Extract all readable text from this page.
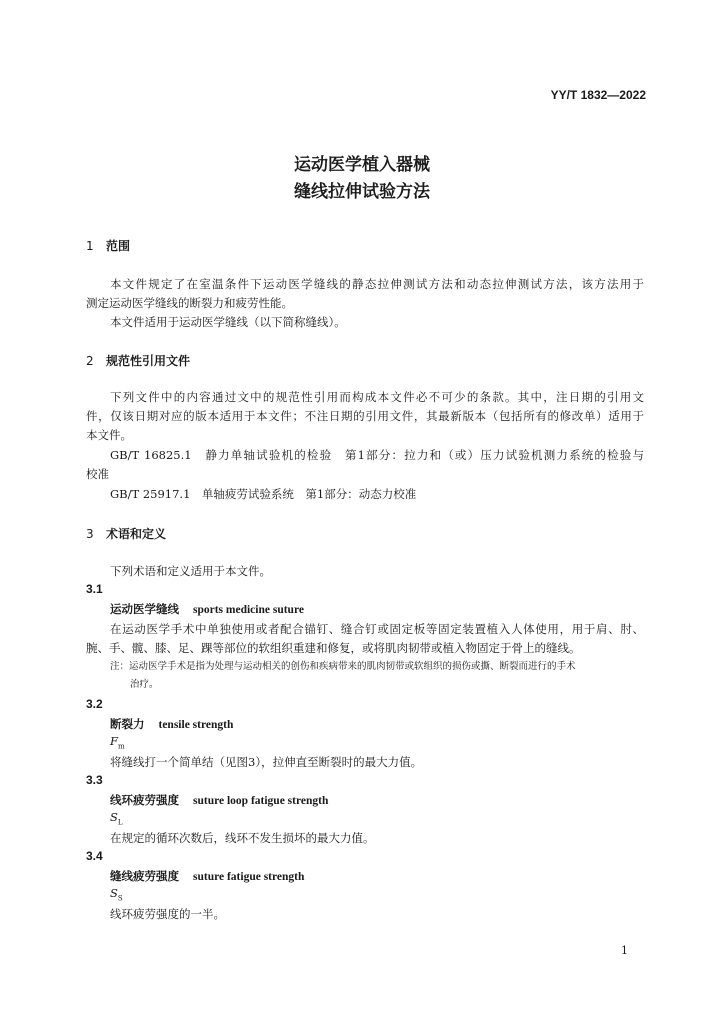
YY/T 1832—2022
运动医学植入器械
缝线拉伸试验方法
1 范围
本文件规定了在室温条件下运动医学缝线的静态拉伸测试方法和动态拉伸测试方法，该方法用于
测定运动医学缝线的断裂力和疲劳性能。
本文件适用于运动医学缝线（以下简称缝线）。
2 规范性引用文件
下列文件中的内容通过文中的规范性引用而构成本文件必不可少的条款。其中，注日期的引用文
件，仅该日期对应的版本适用于本文件；不注日期的引用文件，其最新版本（包括所有的修改单）适用于
本文件。
GB/T 16825.1　静力单轴试验机的检验　第1部分：拉力和（或）压力试验机测力系统的检验与
校准
GB/T 25917.1　单轴疲劳试验系统　第1部分：动态力校准
3 术语和定义
下列术语和定义适用于本文件。
3.1
运动医学缝线 sports medicine suture
在运动医学手术中单独使用或者配合锚钉、缝合钉或固定板等固定装置植入人体使用，用于肩、肘、
腕、手、髋、膝、足、踝等部位的软组织重建和修复，或将肌肉韧带或植入物固定于骨上的缝线。
注：运动医学手术是指为处理与运动相关的创伤和疾病带来的肌肉韧带或软组织的损伤或撕、断裂而进行的手术
治疗。
3.2
断裂力 tensile strength
$F_m$
将缝线打一个简单结（见图3），拉伸直至断裂时的最大力值。
3.3
线环疲劳强度 suture loop fatigue strength
$S_L$
在规定的循环次数后，线环不发生损坏的最大力值。
3.4
缝线疲劳强度 suture fatigue strength
$S_S$
线环疲劳强度的一半。
1
